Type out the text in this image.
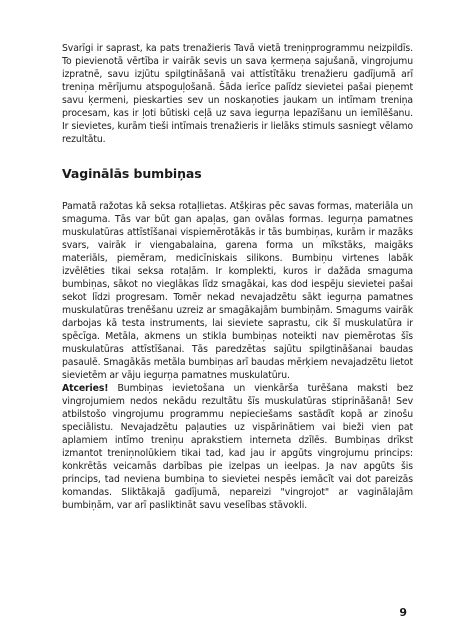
Svarīgi ir saprast, ka pats trenažieris Tavā vietā treniņprogrammu neizpildīs. To pievienotā vērtība ir vairāk sevis un sava ķermeņa sajušanā, vingrojumu izpratnē, savu izjūtu spilgtināšanā vai attīstītāku trenažieru gadījumā arī treniņa mērījumu atspoguļošanā. Šāda ierīce palīdz sievietei pašai pieņemt savu ķermeni, pieskarties sev un noskaņoties jaukam un intīmam treniņa procesam, kas ir ļoti būtiski ceļā uz sava iegurņa lepazīšanu un iemīlēšanu. Ir sievietes, kurām tieši intīmais trenažieris ir lielāks stimuls sasniegt vēlamo rezultātu.

Vaginālās bumbiņas

Pamatā ražotas kā seksa rotaļlietas. Atšķiras pēc savas formas, materiāla un smaguma. Tās var būt gan apaļas, gan ovālas formas. Iegurņa pamatnes muskulatūras attīstīšanai vispiemērotākās ir tās bumbiņas, kurām ir mazāks svars, vairāk ir viengabalaina, garena forma un mīkstāks, maigāks materiāls, piemēram, medicīniskais silikons. Bumbiņu virtenes labāk izvēlēties tikai seksa rotaļām. Ir komplekti, kuros ir dažāda smaguma bumbiņas, sākot no vieglākas līdz smagākai, kas dod iespēju sievietei pašai sekot līdzi progresam. Tomēr nekad nevajadzētu sākt iegurņa pamatnes muskulatūras trenēšanu uzreiz ar smagākajām bumbiņām. Smagums vairāk darbojas kā testa instruments, lai sieviete saprastu, cik šī muskulatūra ir spēcīga. Metāla, akmens un stikla bumbiņas noteikti nav piemērotas šīs muskulatūras attīstīšanai. Tās paredzētas sajūtu spilgtināšanai baudas pasaulē. Smagākās metāla bumbiņas arī baudas mērķiem nevajadzētu lietot sievietēm ar vāju iegurņa pamatnes muskulatūru.

Atceries! Bumbiņas ievietošana un vienkārša turēšana maksti bez vingrojumiem nedos nekādu rezultātu šīs muskulatūras stiprināšanā! Sev atbilstošo vingrojumu programmu nepieciešams sastādīt kopā ar zinošu speciālistu. Nevajadzētu paļauties uz vispārinātiem vai bieži vien pat aplamiem intīmo treniņu aprakstiem interneta dzīlēs. Bumbiņas drīkst izmantot treniņnolūkiem tikai tad, kad jau ir apgūts vingrojumu princips: konkrētās veicamās darbības pie izelpas un ieelpas. Ja nav apgūts šis princips, tad neviena bumbiņa to sievietei nespēs iemācīt vai dot pareizās komandas. Sliktākajā gadījumā, nepareizi "vingrojot" ar vaginālajām bumbiņām, var arī pasliktināt savu veselības stāvokli.

9
